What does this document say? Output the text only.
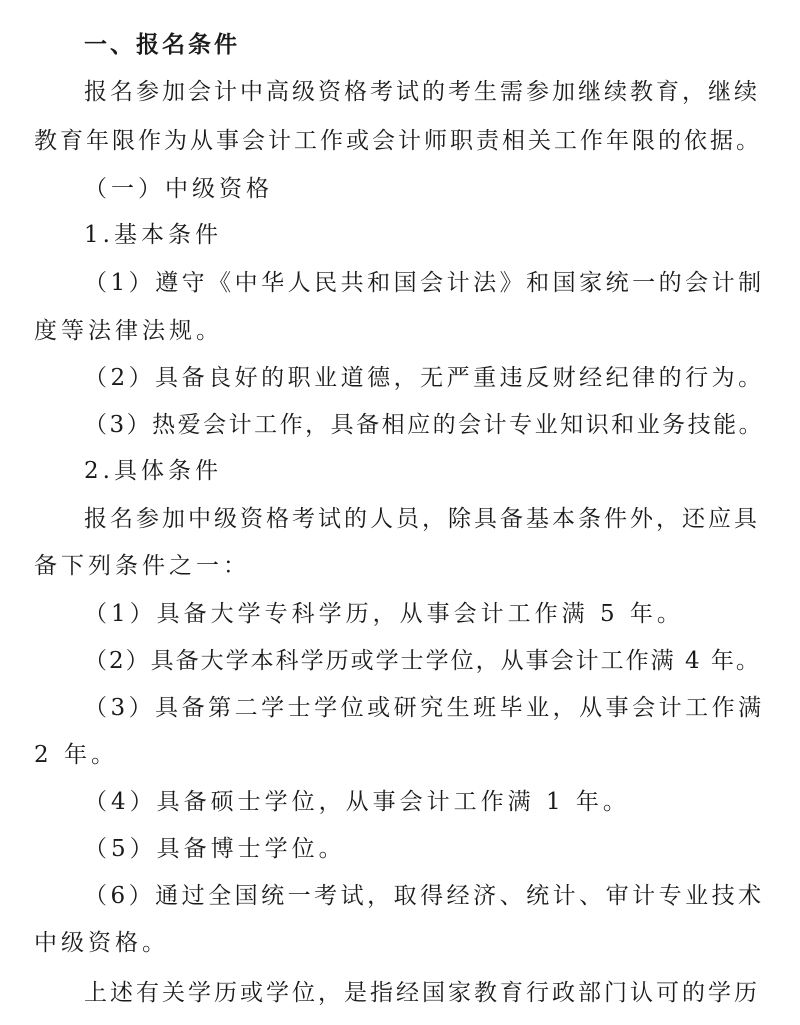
一、报名条件
报名参加会计中高级资格考试的考生需参加继续教育，继续
教育年限作为从事会计工作或会计师职责相关工作年限的依据。
（一）中级资格
1.基本条件
（1）遵守《中华人民共和国会计法》和国家统一的会计制
度等法律法规。
（2）具备良好的职业道德，无严重违反财经纪律的行为。
（3）热爱会计工作，具备相应的会计专业知识和业务技能。
2.具体条件
报名参加中级资格考试的人员，除具备基本条件外，还应具
备下列条件之一：
（1）具备大学专科学历，从事会计工作满 5 年。
（2）具备大学本科学历或学士学位，从事会计工作满 4 年。
（3）具备第二学士学位或研究生班毕业，从事会计工作满
2 年。
（4）具备硕士学位，从事会计工作满 1 年。
（5）具备博士学位。
（6）通过全国统一考试，取得经济、统计、审计专业技术
中级资格。
上述有关学历或学位，是指经国家教育行政部门认可的学历
